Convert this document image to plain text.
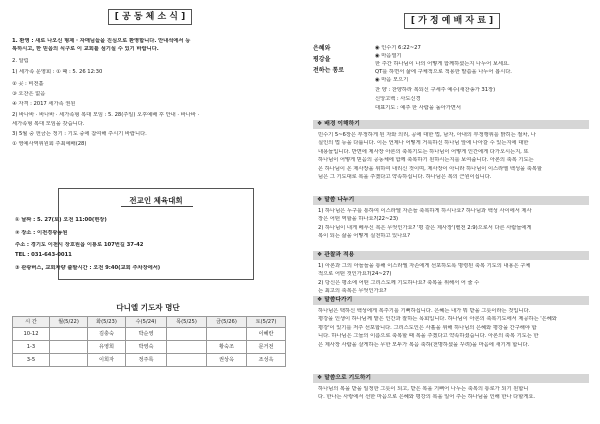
[ 공 동 체 소 식 ]
1. 환영 : 새로 나오신 형제 · 자매님들을 진심으로 환영합니다. 안내석에서 등
록하시고, 한 믿음의 식구로 이 교회를 섬기실 수 있기 바랍니다.
2. 알림
1) 세가족 운영회 : ① 때 : 5. 26 12:30
② 곳 : 비전홀
③ 오찬은 없음
④ 자격 : 2017 세가족 권원
2) 바나바 · 바나바 · 세가족형 복대 모임 : 5. 28(주일) 오후예배 후 안내 · 바나바 ·
세가족형 복대 모임을 갖습니다.
3) 5월 중 헌금는 정기 : 기도 중에 참여해 주시기 바랍니다.
① 영예사역위원회 주최예배(28)
전교인 체육대회
① 날짜 : 5. 27(토) 오전 11:00(현장)
② 장소 : 이천경광농원
주소 : 경기도 이천시 장호원읍 이룡로 107번길 37-42
TEL : 031-643-0011
③ 관광버스, 교회차량 출발시간 : 오전 9:40(교회 주차장에서)
다니엘 기도자 명단
시 간	월(5/22)	화(5/23)	수(5/24)	목(5/25)	금(5/26)	토(5/27)
10-12		김충숙	박순영			이혜란
1-3		유영희	박영숙		황숙조	문거전
3-5		이희자	정주록		권상옥	조성옥
[ 가 정 예 배 자 료 ]
은혜와
평강을
전하는 통로
◉ 인수기 6:22~27
◉ 마음열기
한 주간 하나님이 나의 어떻게 함께하셨는지 나누어 보세요.
QT를 하면서 삶에 구체적으로 적용한 말씀을 나누어 봅시다.
◉ 마음 모으기
찬 양 : 찬양하라 복되신 구세주 예수(새찬송가 31장)
신앙고백 : 사도신경
대표기도 : 예주 한 사람을 돌아가면서
❖ 배경 이해하기
민수기 5~6장은 부정하게 된 자와 의리, 공에 대한 법, 남자, 아내의 부정행위를 밝히는 절차, 나
실인의 법 등을 다룹니다. 이는 언제나 어떻게 거룩하신 하나님 앞에 나아갈 수 있는지에 대한
내용들입니다. 반면에 제사장 아론의 축복기도는 하나님이 어떻게 인간에게 다가오시는지, 또
하나님이 어떻게 믿음의 공동체에 함께 축복하기 원하시는지를 보여줍니다. 아론의 축복 기도는
온 하나님이 온 제사장을 위하여 내리신 것이며, 제사장이 아니라 하나님이 이스라엘 백성을 축복할
님은 그 기도대로 복을 주겠다고 약속하십니다. 하나님은 복의 근원이십니다.
❖ 말씀 나누기
1) 하나님은 누구를 통하여 이스라엘 자손들 축복하게 하시나요? 하나님과 백성 사이에서 제사
장은 어떤 역할을 하나요?(22~23)
2) 하나님이 내게 베푸신 복은 무엇인가요? '평 같은 제사장'(벧전 2:9)으로서 다른 사람들에게
복이 되는 삶을 어떻게 실천하고 있나요?
❖ 관찰과 적용
1) 아론과 그의 아들들을 통해 이스라엘 자손에게 선포하도록 명령된 축복 기도의 내용은 구체
적으로 어떤 것인가요?(24~27)
2) 당신은 평소에 어떤 그리스도께 기도하나요? 축복을 위해서 어 줄 수
는 최고의 축복은 무엇인가요?
❖ 말씀다가기
하나님은 택하신 백성에게 복주기를 기뻐하십니다. 은혜는 내가 뭐 받을 그릇이라는 것입니다.
평강을 인생이 하나님께 맡은 인간과 잘하는 목회입니다. 하나님이 아론의 축복기도에서 제공하는 '은혜와
평강'이 있기를 저주 선포합니다. 그리스도인은 사흘을 위해 하나님의 은혜와 평강을 간구해야 합
니다. 하나님은 그들의 이름으로 축복할 때 복을 주겠다고 약속하셨습니다. 아론의 축복 기도는 한
은 제사장 사람을 살게하는 무한 모두가 복음 축하(천명하셨을 꾸려)을 마음에 새기게 합니다.
❖ 말씀으로 기도하기
하나님의 복을 받을 일정한 그릇이 되고, 받은 복을 기뻐어 나누는 축복의 통로가 되기 원합니
다. 한나는 사랑에서 선한 마음으로 은혜와 평강의 복을 일어 주는 하나님을 인해 한나 다할게요.
